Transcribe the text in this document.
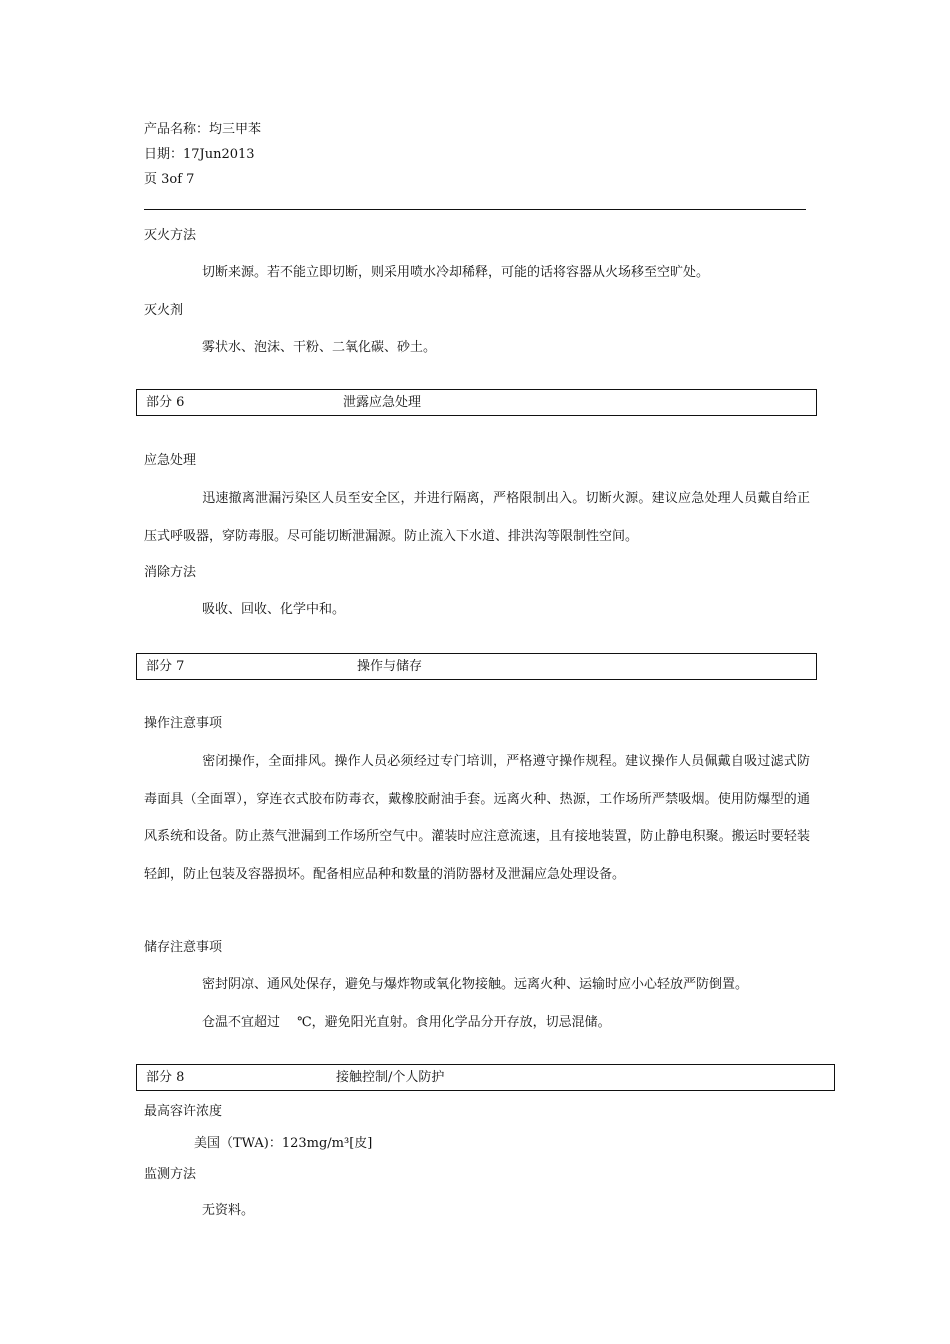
产品名称：均三甲苯
日期：17Jun2013
页 3of 7
灭火方法
切断来源。若不能立即切断，则采用喷水冷却稀释，可能的话将容器从火场移至空旷处。
灭火剂
雾状水、泡沫、干粉、二氧化碳、砂土。
部分 6	泄露应急处理
应急处理
迅速撤离泄漏污染区人员至安全区，并进行隔离，严格限制出入。切断火源。建议应急处理人员戴自给正压式呼吸器，穿防毒服。尽可能切断泄漏源。防止流入下水道、排洪沟等限制性空间。
消除方法
吸收、回收、化学中和。
部分 7	操作与储存
操作注意事项
密闭操作，全面排风。操作人员必须经过专门培训，严格遵守操作规程。建议操作人员佩戴自吸过滤式防毒面具（全面罩），穿连衣式胶布防毒衣，戴橡胶耐油手套。远离火种、热源，工作场所严禁吸烟。使用防爆型的通风系统和设备。防止蒸气泄漏到工作场所空气中。灌装时应注意流速，且有接地装置，防止静电积聚。搬运时要轻装轻卸，防止包装及容器损坏。配备相应品种和数量的消防器材及泄漏应急处理设备。
储存注意事项
密封阴凉、通风处保存，避免与爆炸物或氧化物接触。远离火种、运输时应小心轻放严防倒置。
仓温不宜超过　 ℃，避免阳光直射。食用化学品分开存放，切忌混储。
部分 8	接触控制/个人防护
最高容许浓度
美国（TWA)：123mg/m³[皮]
监测方法
无资料。
